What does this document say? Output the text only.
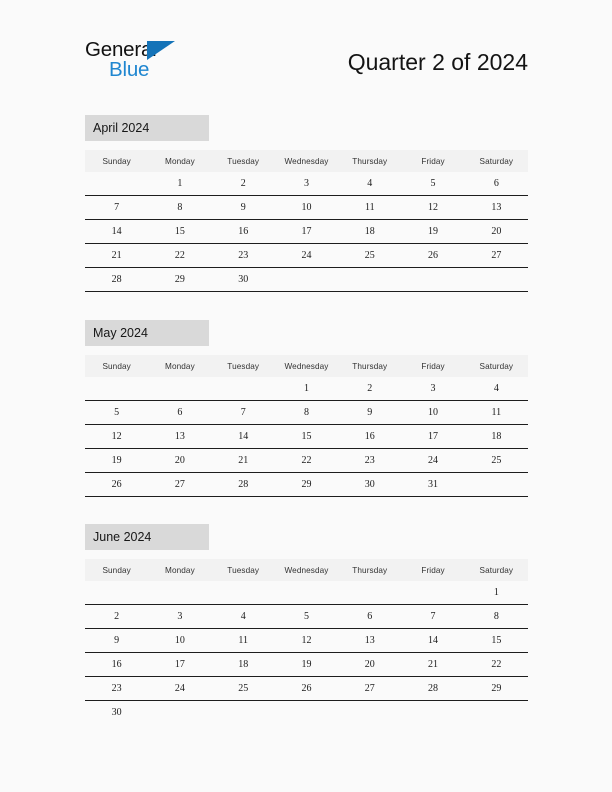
General
Blue	Quarter 2 of 2024
April 2024
Sunday	Monday	Tuesday	Wednesday	Thursday	Friday	Saturday
	1	2	3	4	5	6
7	8	9	10	11	12	13
14	15	16	17	18	19	20
21	22	23	24	25	26	27
28	29	30				
May 2024
Sunday	Monday	Tuesday	Wednesday	Thursday	Friday	Saturday
			1	2	3	4
5	6	7	8	9	10	11
12	13	14	15	16	17	18
19	20	21	22	23	24	25
26	27	28	29	30	31	
June 2024
Sunday	Monday	Tuesday	Wednesday	Thursday	Friday	Saturday
						1
2	3	4	5	6	7	8
9	10	11	12	13	14	15
16	17	18	19	20	21	22
23	24	25	26	27	28	29
30						
